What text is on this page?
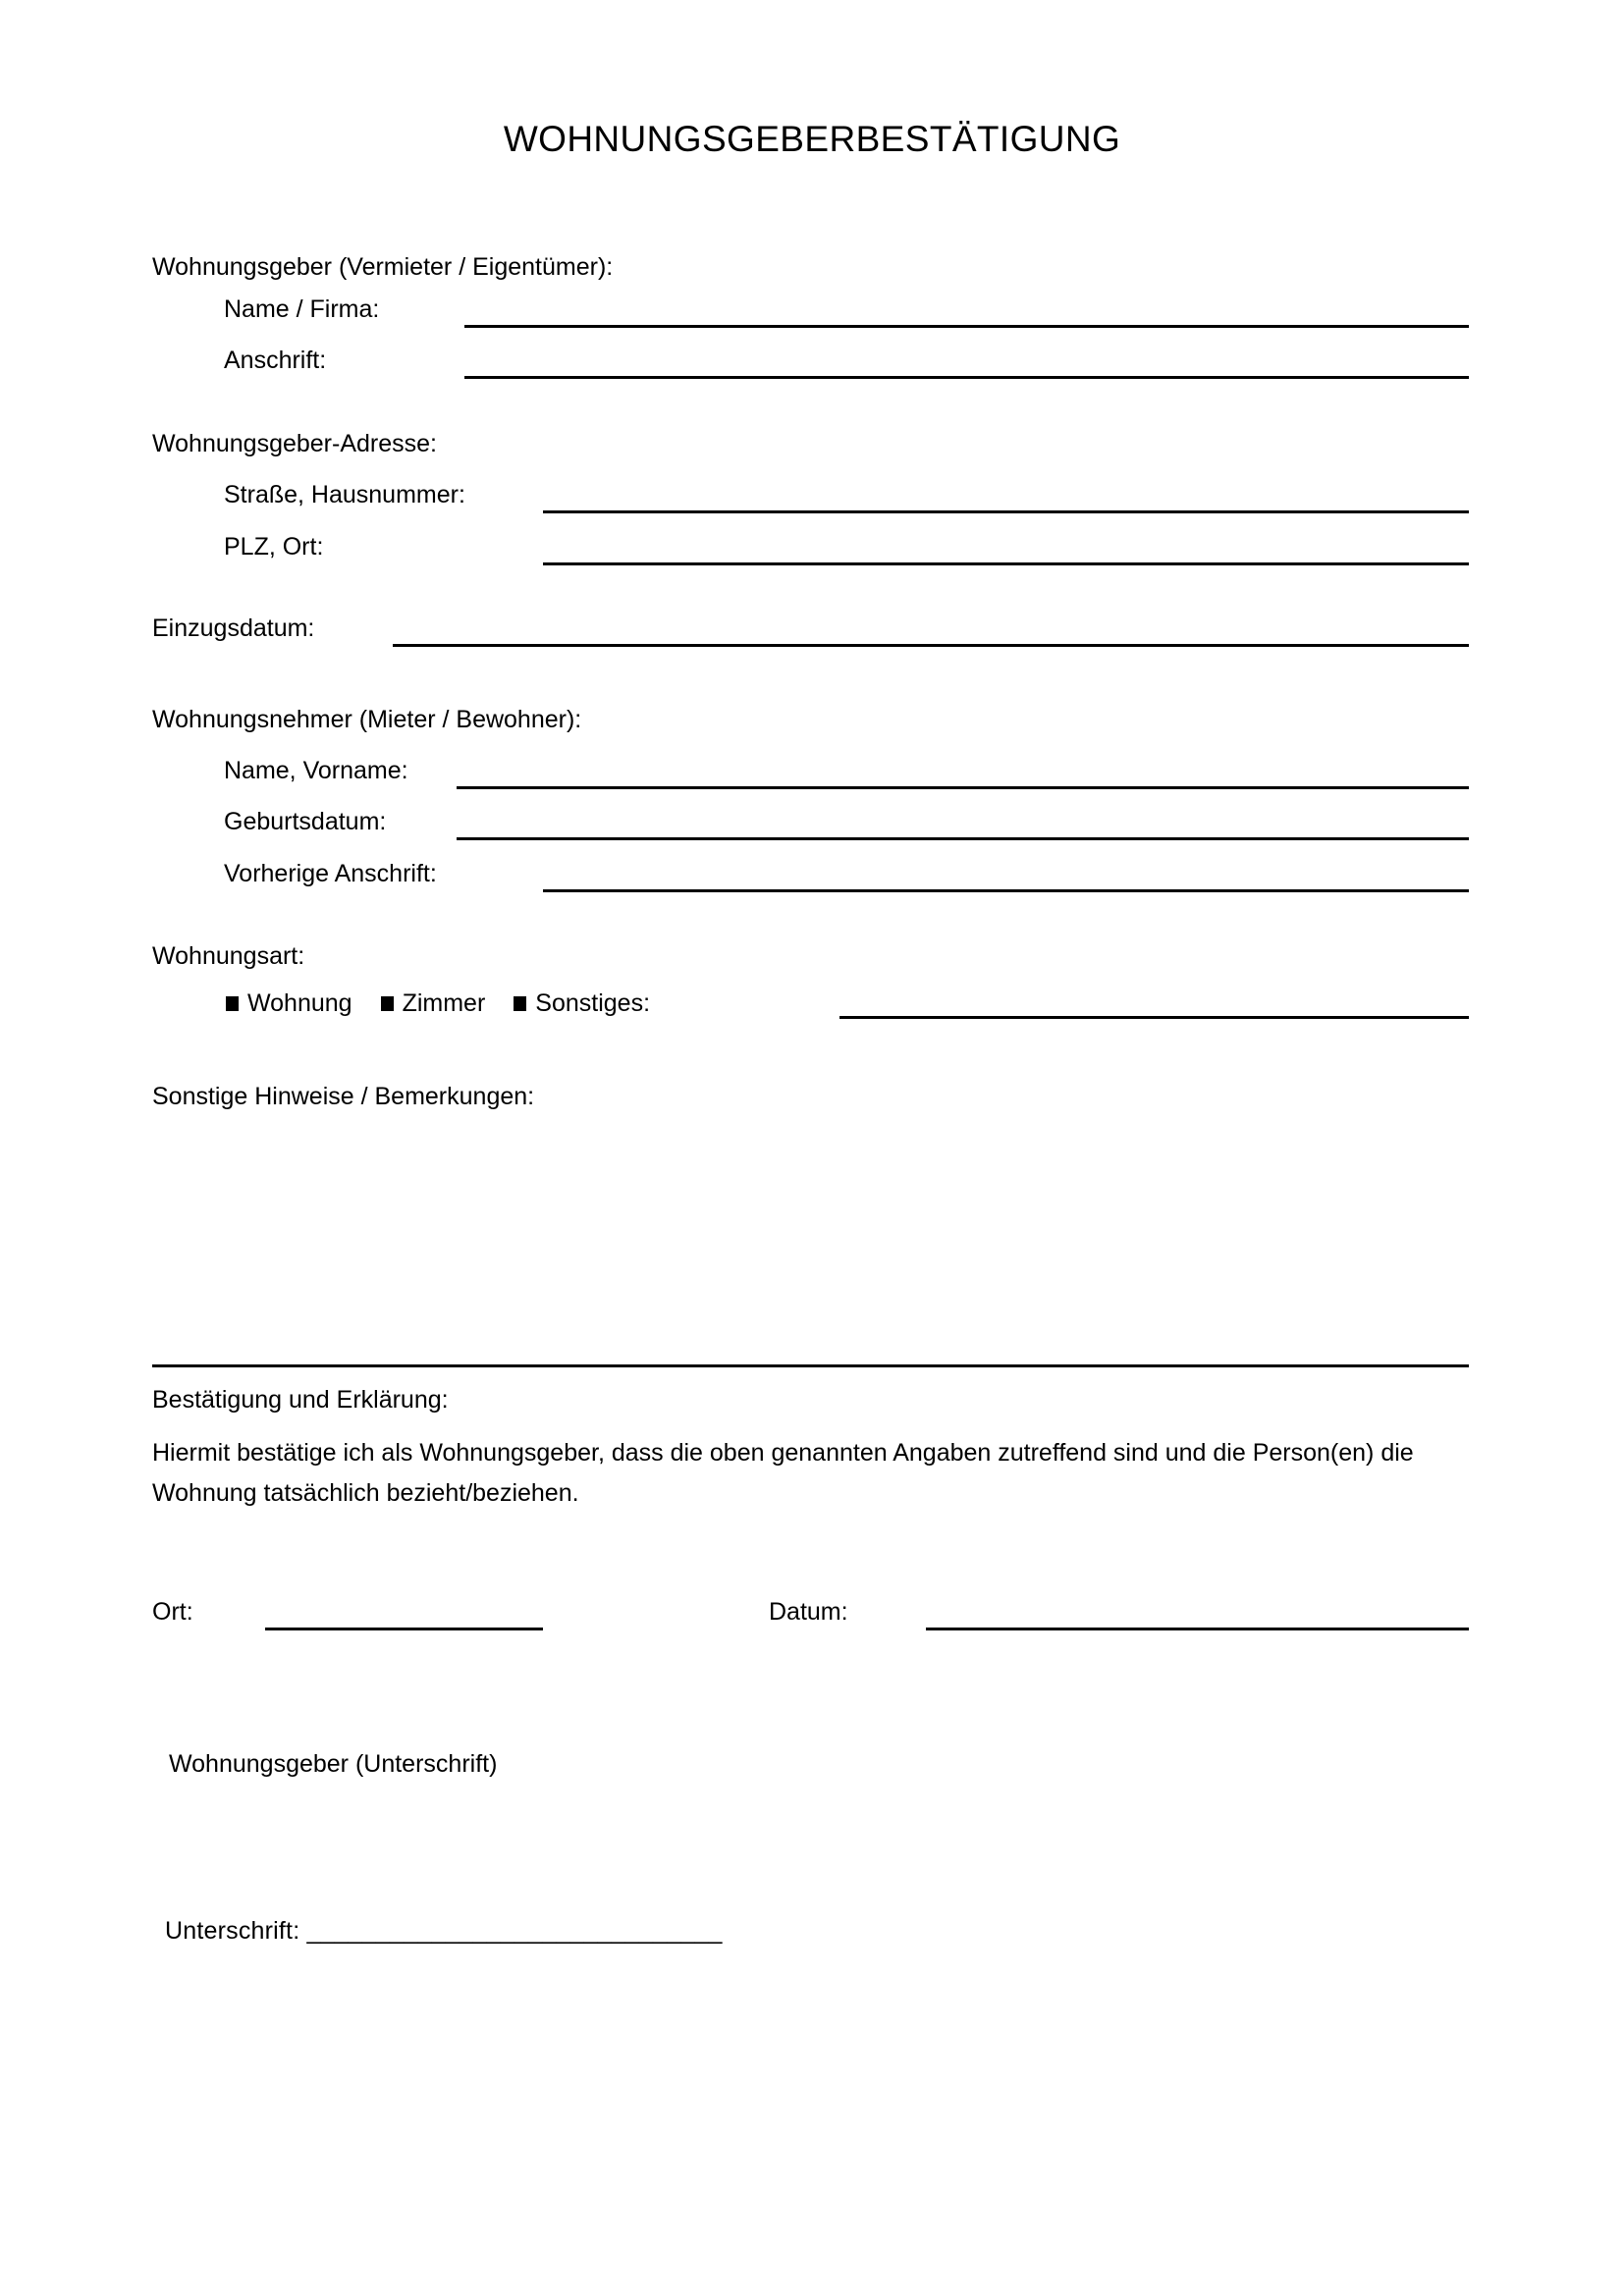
WOHNUNGSGEBERBESTÄTIGUNG
Wohnungsgeber (Vermieter / Eigentümer):
Name / Firma:
Anschrift:
Wohnungsgeber-Adresse:
Straße, Hausnummer:
PLZ, Ort:
Einzugsdatum:
Wohnungsnehmer (Mieter / Bewohner):
Name, Vorname:
Geburtsdatum:
Vorherige Anschrift:
Wohnungsart:
Wohnung Zimmer Sonstiges:
Sonstige Hinweise / Bemerkungen:
Bestätigung und Erklärung:
Hiermit bestätige ich als Wohnungsgeber, dass die oben genannten Angaben zutreffend sind und die Person(en) die Wohnung tatsächlich bezieht/beziehen.
Ort:	Datum:
Wohnungsgeber (Unterschrift)
Unterschrift: ______________________________
